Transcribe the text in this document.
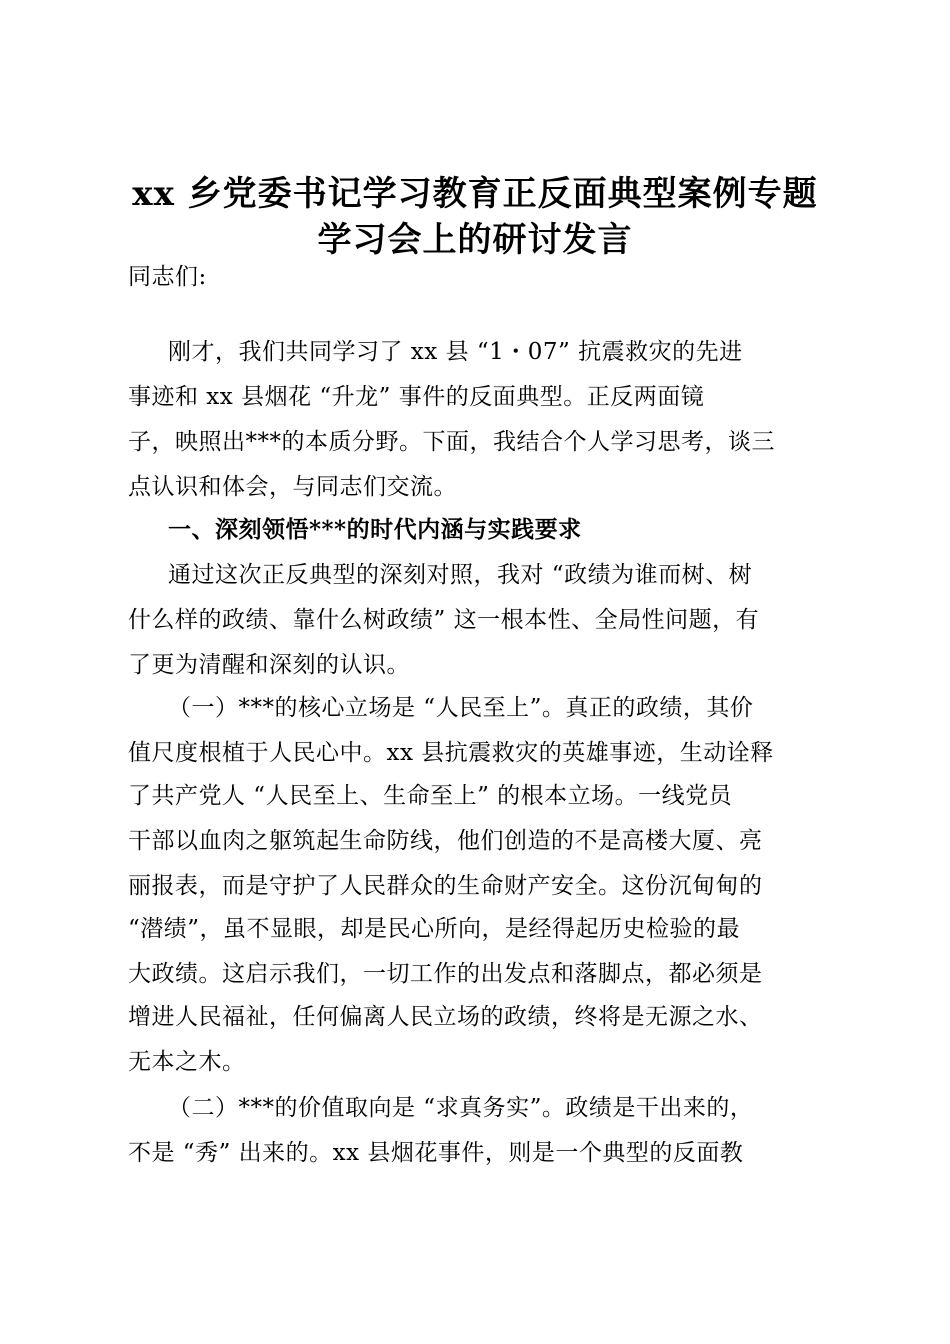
xx 乡党委书记学习教育正反面典型案例专题
学习会上的研讨发言

同志们:

刚才，我们共同学习了 xx 县 “1・07” 抗震救灾的先进

事迹和 xx 县烟花 “升龙” 事件的反面典型。正反两面镜

子，映照出***的本质分野。下面，我结合个人学习思考，谈三

点认识和体会，与同志们交流。

一、深刻领悟***的时代内涵与实践要求

通过这次正反典型的深刻对照，我对 “政绩为谁而树、树

什么样的政绩、靠什么树政绩” 这一根本性、全局性问题，有

了更为清醒和深刻的认识。

（一）***的核心立场是 “人民至上”。真正的政绩，其价

值尺度根植于人民心中。xx 县抗震救灾的英雄事迹，生动诠释

了共产党人 “人民至上、生命至上” 的根本立场。一线党员

干部以血肉之躯筑起生命防线，他们创造的不是高楼大厦、亮

丽报表，而是守护了人民群众的生命财产安全。这份沉甸甸的

“潜绩”，虽不显眼，却是民心所向，是经得起历史检验的最

大政绩。这启示我们，一切工作的出发点和落脚点，都必须是

增进人民福祉，任何偏离人民立场的政绩，终将是无源之水、

无本之木。

（二）***的价值取向是 “求真务实”。政绩是干出来的，

不是 “秀” 出来的。xx 县烟花事件，则是一个典型的反面教
